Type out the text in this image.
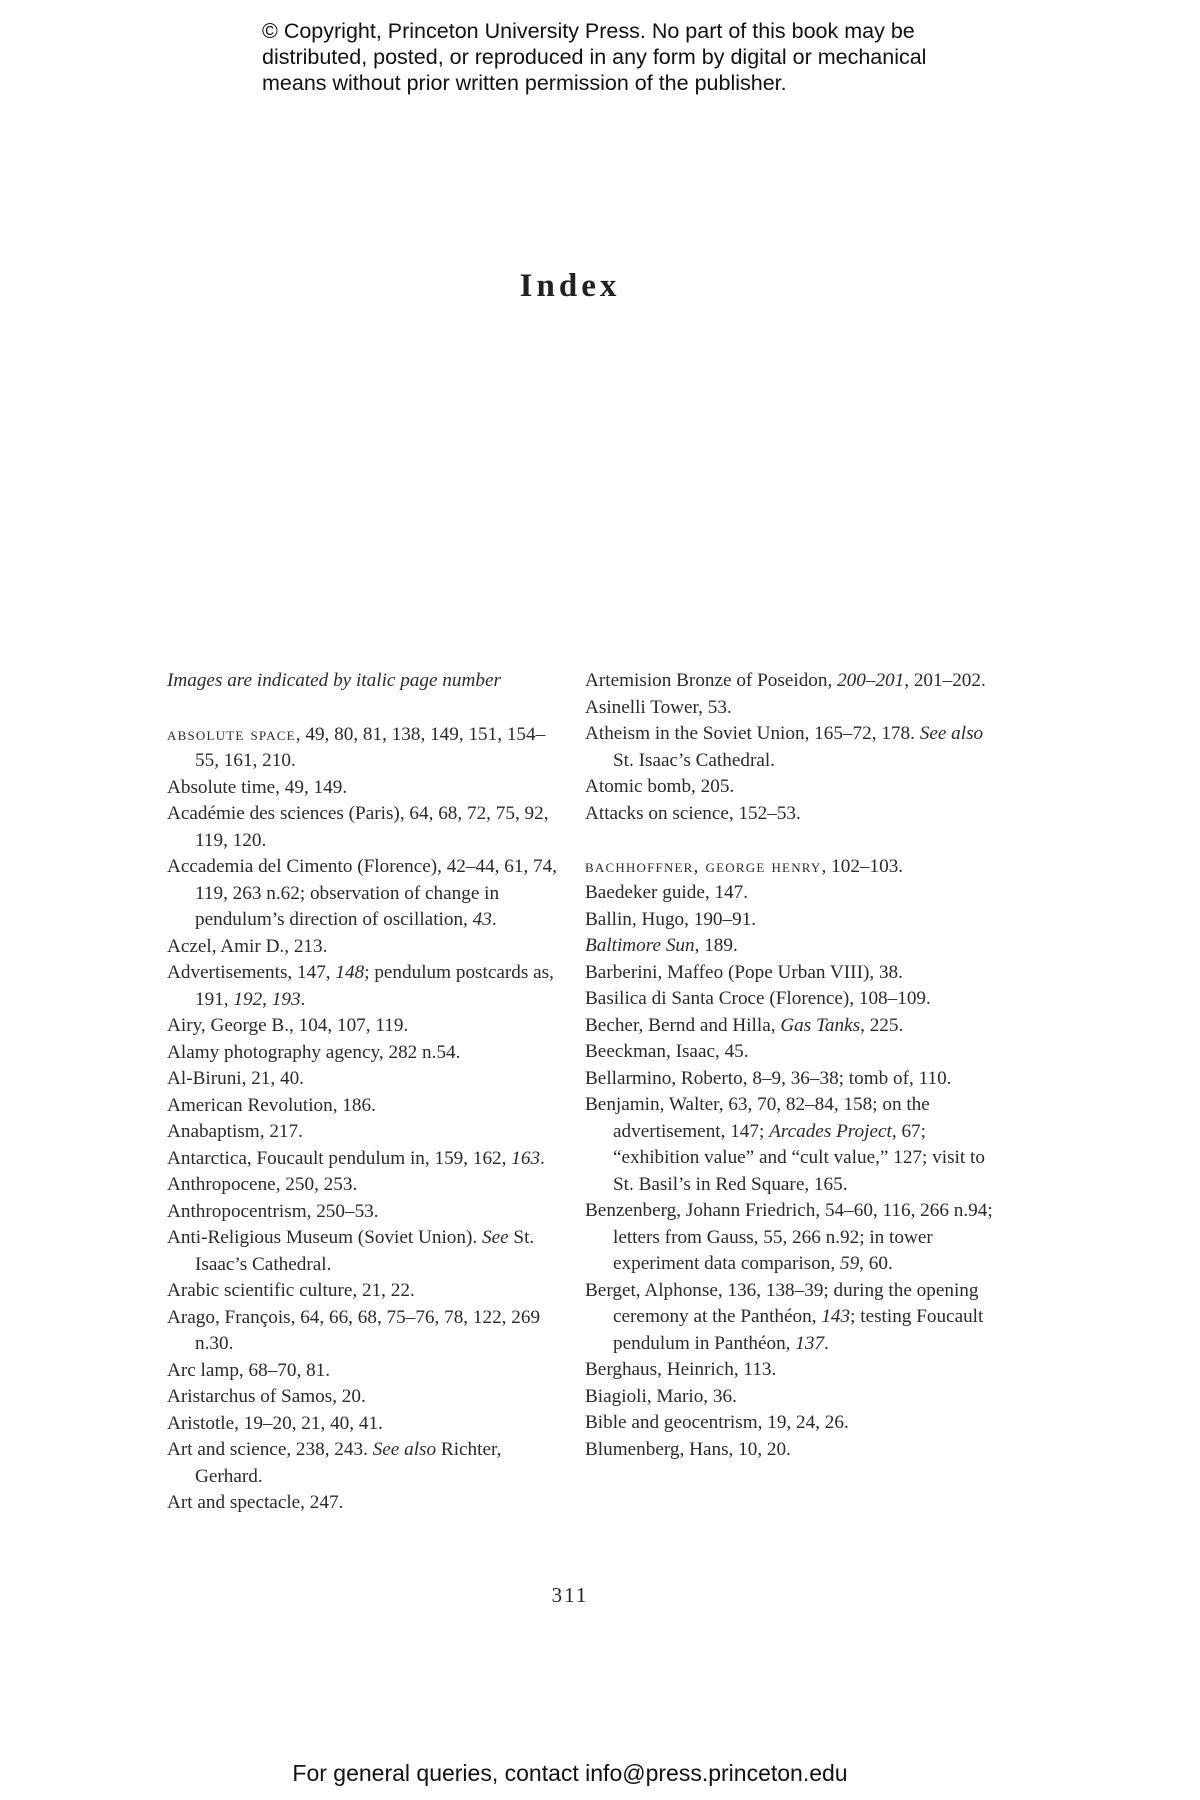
© Copyright, Princeton University Press. No part of this book may be
distributed, posted, or reproduced in any form by digital or mechanical
means without prior written permission of the publisher.
Index
Images are indicated by italic page number
absolute space, 49, 80, 81, 138, 149, 151, 154–55, 161, 210.
Absolute time, 49, 149.
Académie des sciences (Paris), 64, 68, 72, 75, 92, 119, 120.
Accademia del Cimento (Florence), 42–44, 61, 74, 119, 263 n.62; observation of change in pendulum’s direction of oscillation, 43.
Aczel, Amir D., 213.
Advertisements, 147, 148; pendulum postcards as, 191, 192, 193.
Airy, George B., 104, 107, 119.
Alamy photography agency, 282 n.54.
Al-Biruni, 21, 40.
American Revolution, 186.
Anabaptism, 217.
Antarctica, Foucault pendulum in, 159, 162, 163.
Anthropocene, 250, 253.
Anthropocentrism, 250–53.
Anti-Religious Museum (Soviet Union). See St. Isaac’s Cathedral.
Arabic scientific culture, 21, 22.
Arago, François, 64, 66, 68, 75–76, 78, 122, 269 n.30.
Arc lamp, 68–70, 81.
Aristarchus of Samos, 20.
Aristotle, 19–20, 21, 40, 41.
Art and science, 238, 243. See also Richter, Gerhard.
Art and spectacle, 247.
Artemision Bronze of Poseidon, 200–201, 201–202.
Asinelli Tower, 53.
Atheism in the Soviet Union, 165–72, 178. See also St. Isaac’s Cathedral.
Atomic bomb, 205.
Attacks on science, 152–53.
bachhoffner, george henry, 102–103.
Baedeker guide, 147.
Ballin, Hugo, 190–91.
Baltimore Sun, 189.
Barberini, Maffeo (Pope Urban VIII), 38.
Basilica di Santa Croce (Florence), 108–109.
Becher, Bernd and Hilla, Gas Tanks, 225.
Beeckman, Isaac, 45.
Bellarmino, Roberto, 8–9, 36–38; tomb of, 110.
Benjamin, Walter, 63, 70, 82–84, 158; on the advertisement, 147; Arcades Project, 67; “exhibition value” and “cult value,” 127; visit to St. Basil’s in Red Square, 165.
Benzenberg, Johann Friedrich, 54–60, 116, 266 n.94; letters from Gauss, 55, 266 n.92; in tower experiment data comparison, 59, 60.
Berget, Alphonse, 136, 138–39; during the opening ceremony at the Panthéon, 143; testing Foucault pendulum in Panthéon, 137.
Berghaus, Heinrich, 113.
Biagioli, Mario, 36.
Bible and geocentrism, 19, 24, 26.
Blumenberg, Hans, 10, 20.
311
For general queries, contact info@press.princeton.edu
